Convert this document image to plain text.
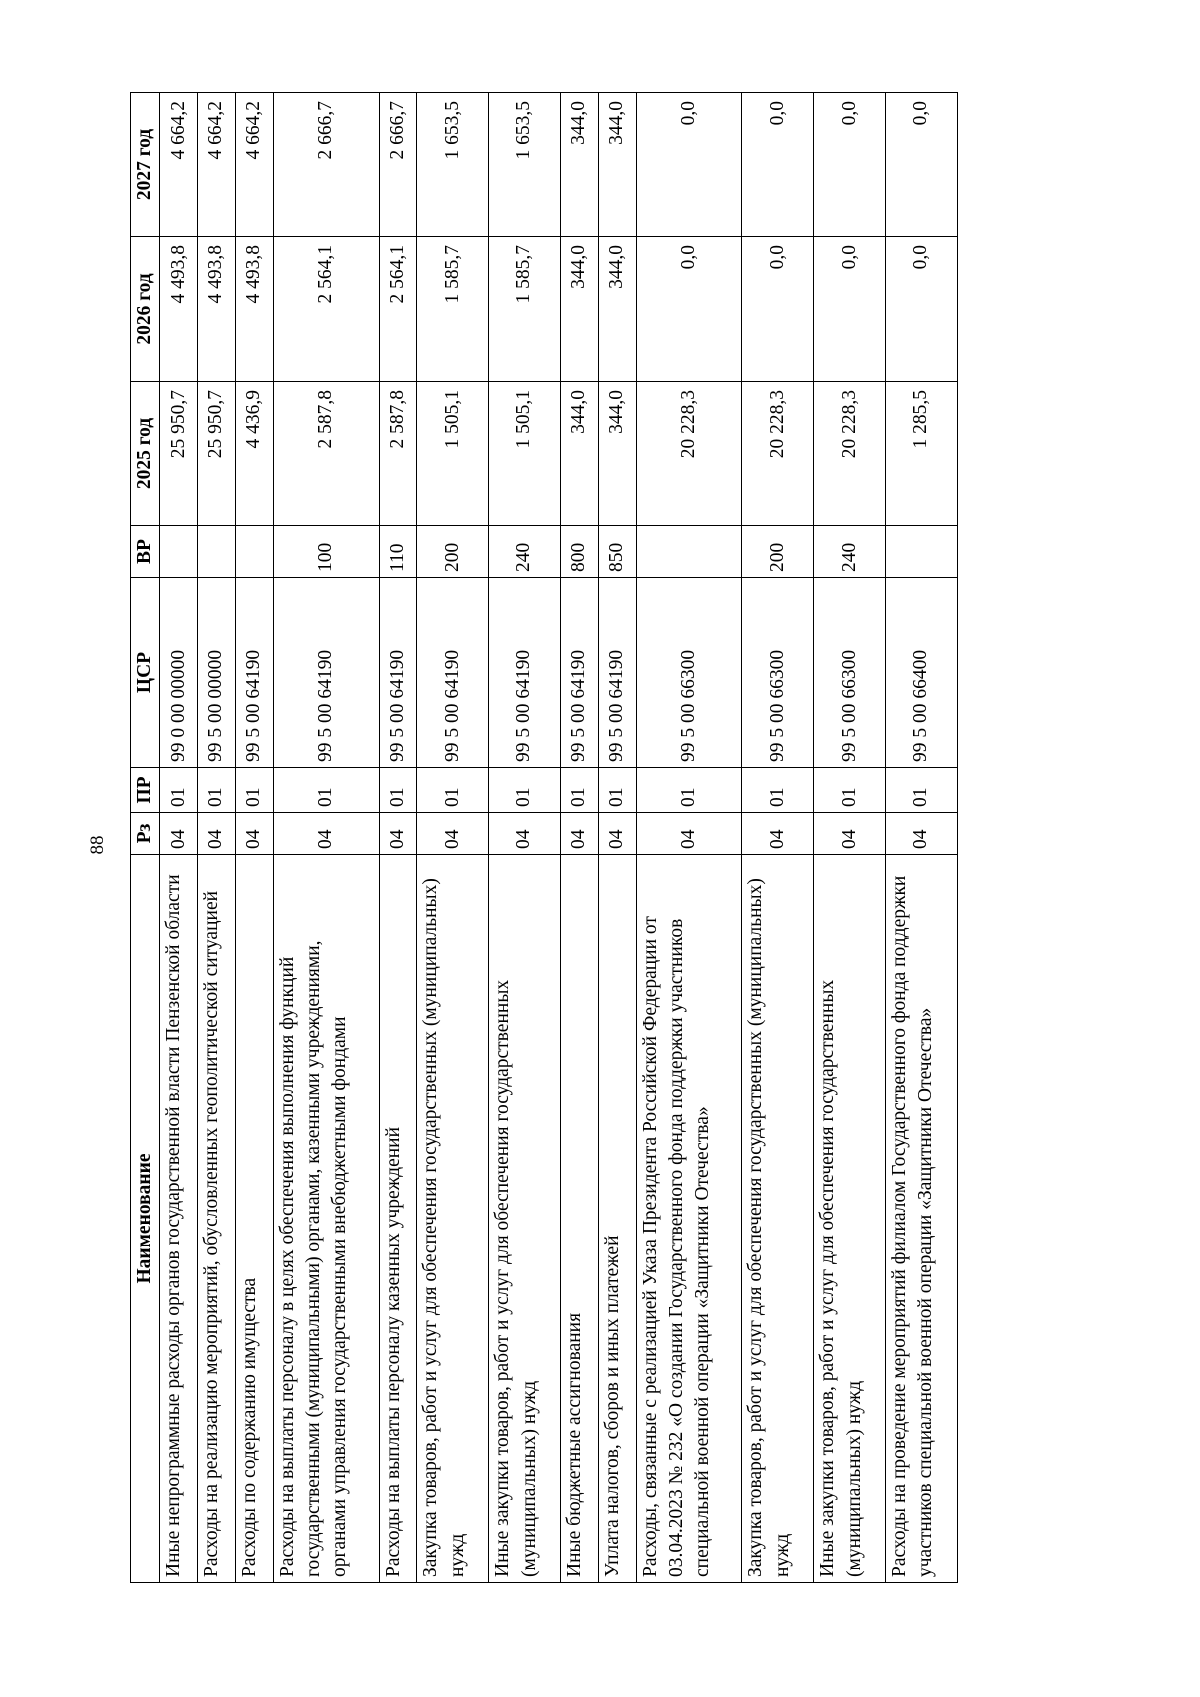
88
Наименование	Рз	ПР	ЦСР	ВР	2025 год	2026 год	2027 год
Иные непрограммные расходы органов государственной власти Пензенской области	04	01	99 0 00 00000		25 950,7	4 493,8	4 664,2
Расходы на реализацию мероприятий, обусловленных геополитической ситуацией	04	01	99 5 00 00000		25 950,7	4 493,8	4 664,2
Расходы по содержанию имущества	04	01	99 5 00 64190		4 436,9	4 493,8	4 664,2
Расходы на выплаты персоналу в целях обеспечения выполнения функций государственными (муниципальными) органами, казенными учреждениями, органами управления государственными внебюджетными фондами	04	01	99 5 00 64190	100	2 587,8	2 564,1	2 666,7
Расходы на выплаты персоналу казенных учреждений	04	01	99 5 00 64190	110	2 587,8	2 564,1	2 666,7
Закупка товаров, работ и услуг для обеспечения государственных (муниципальных) нужд	04	01	99 5 00 64190	200	1 505,1	1 585,7	1 653,5
Иные закупки товаров, работ и услуг для обеспечения государственных (муниципальных) нужд	04	01	99 5 00 64190	240	1 505,1	1 585,7	1 653,5
Иные бюджетные ассигнования	04	01	99 5 00 64190	800	344,0	344,0	344,0
Уплата налогов, сборов и иных платежей	04	01	99 5 00 64190	850	344,0	344,0	344,0
Расходы, связанные с реализацией Указа Президента Российской Федерации от 03.04.2023 № 232 «О создании Государственного фонда поддержки участников специальной военной операции «Защитники Отечества»	04	01	99 5 00 66300		20 228,3	0,0	0,0
Закупка товаров, работ и услуг для обеспечения государственных (муниципальных) нужд	04	01	99 5 00 66300	200	20 228,3	0,0	0,0
Иные закупки товаров, работ и услуг для обеспечения государственных (муниципальных) нужд	04	01	99 5 00 66300	240	20 228,3	0,0	0,0
Расходы на проведение мероприятий филиалом Государственного фонда поддержки участников специальной военной операции «Защитники Отечества»	04	01	99 5 00 66400		1 285,5	0,0	0,0
